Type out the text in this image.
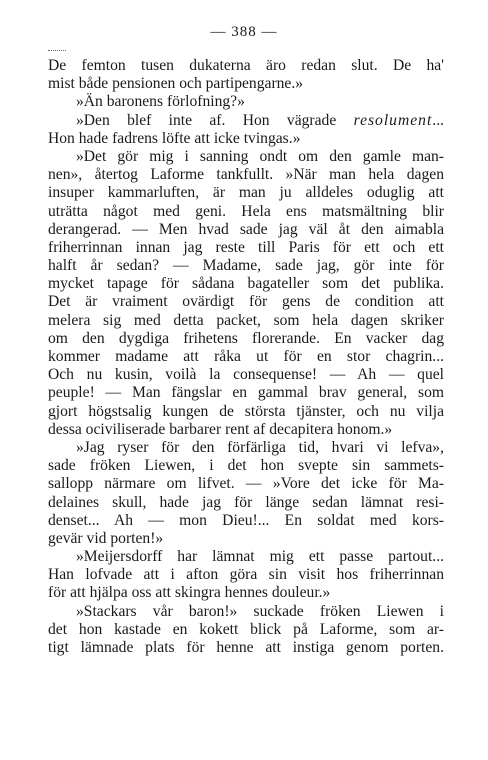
— 388 —
De femton tusen dukaterna äro redan slut. De ha'
mist både pensionen och partipengarne.»
»Än baronens förlofning?»
»Den blef inte af. Hon vägrade resolument...
Hon hade fadrens löfte att icke tvingas.»
»Det gör mig i sanning ondt om den gamle man-
nen», återtog Laforme tankfullt. »När man hela dagen
insuper kammarluften, är man ju alldeles oduglig att
uträtta något med geni. Hela ens matsmältning blir
derangerad. — Men hvad sade jag väl åt den aimabla
friherrinnan innan jag reste till Paris för ett och ett
halft år sedan? — Madame, sade jag, gör inte för
mycket tapage för sådana bagateller som det publika.
Det är vraiment ovärdigt för gens de condition att
melera sig med detta packet, som hela dagen skriker
om den dygdiga frihetens florerande. En vacker dag
kommer madame att råka ut för en stor chagrin...
Och nu kusin, voilà la consequense! — Ah — quel
peuple! — Man fängslar en gammal brav general, som
gjort högstsalig kungen de största tjänster, och nu vilja
dessa ociviliserade barbarer rent af decapitera honom.»
»Jag ryser för den förfärliga tid, hvari vi lefva»,
sade fröken Liewen, i det hon svepte sin sammets-
sallopp närmare om lifvet. — »Vore det icke för Ma-
delaines skull, hade jag för länge sedan lämnat resi-
denset... Ah — mon Dieu!... En soldat med kors-
gevär vid porten!»
»Meijersdorff har lämnat mig ett passe partout...
Han lofvade att i afton göra sin visit hos friherrinnan
för att hjälpa oss att skingra hennes douleur.»
»Stackars vår baron!» suckade fröken Liewen i
det hon kastade en kokett blick på Laforme, som ar-
tigt lämnade plats för henne att instiga genom porten.
